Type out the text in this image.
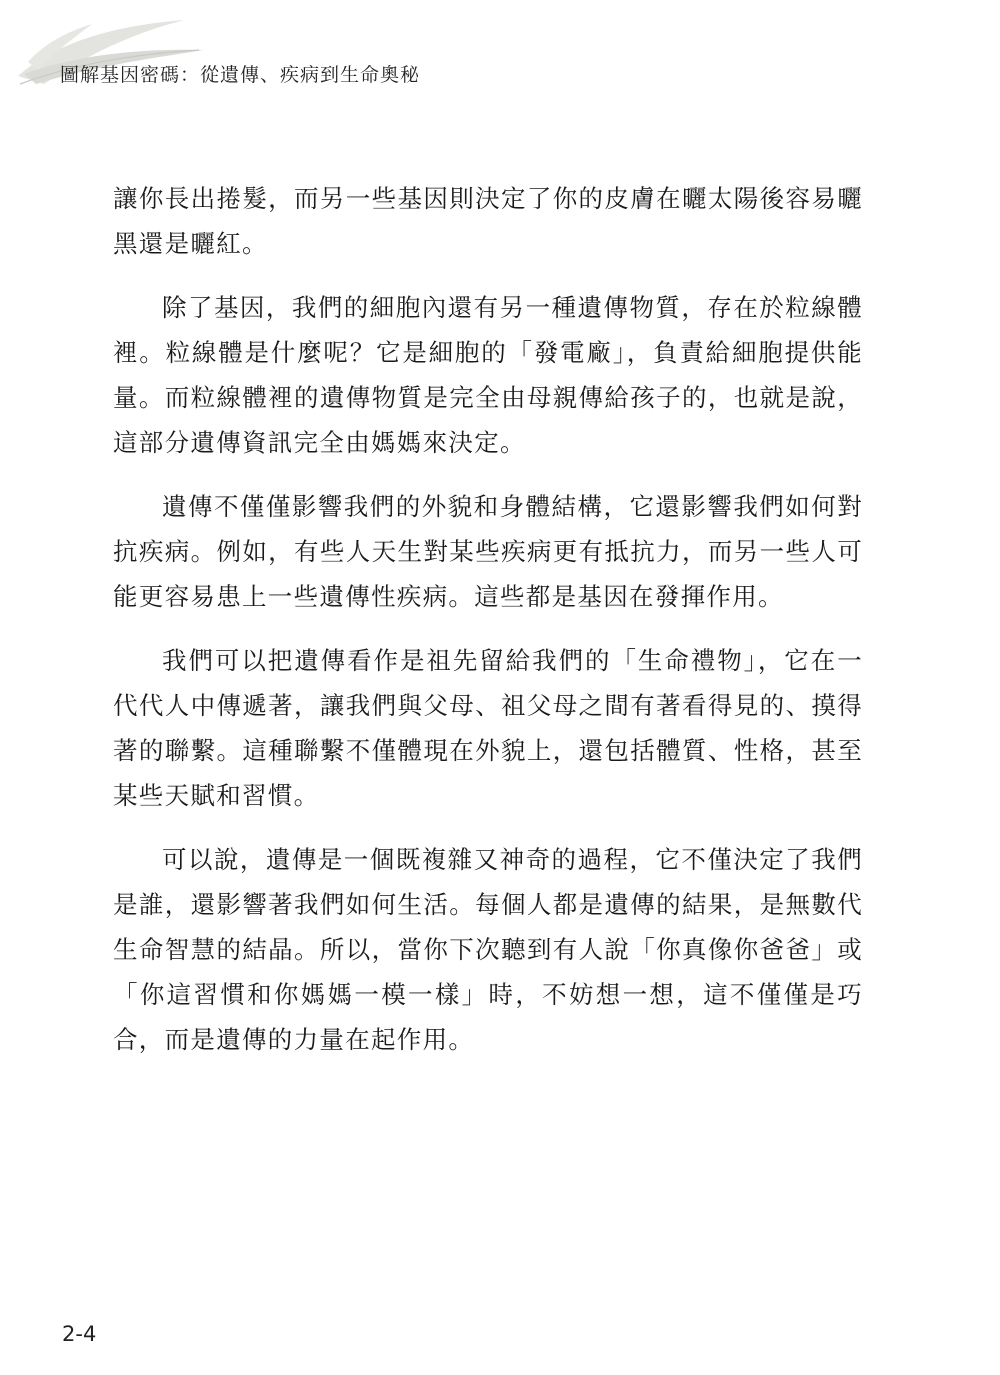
圖解基因密碼：從遺傳、疾病到生命奧秘

讓你長出捲髮，而另一些基因則決定了你的皮膚在曬太陽後容易曬黑還是曬紅。

除了基因，我們的細胞內還有另一種遺傳物質，存在於粒線體裡。粒線體是什麼呢？它是細胞的「發電廠」，負責給細胞提供能量。而粒線體裡的遺傳物質是完全由母親傳給孩子的，也就是說，這部分遺傳資訊完全由媽媽來決定。

遺傳不僅僅影響我們的外貌和身體結構，它還影響我們如何對抗疾病。例如，有些人天生對某些疾病更有抵抗力，而另一些人可能更容易患上一些遺傳性疾病。這些都是基因在發揮作用。

我們可以把遺傳看作是祖先留給我們的「生命禮物」，它在一代代人中傳遞著，讓我們與父母、祖父母之間有著看得見的、摸得著的聯繫。這種聯繫不僅體現在外貌上，還包括體質、性格，甚至某些天賦和習慣。

可以說，遺傳是一個既複雜又神奇的過程，它不僅決定了我們是誰，還影響著我們如何生活。每個人都是遺傳的結果，是無數代生命智慧的結晶。所以，當你下次聽到有人說「你真像你爸爸」或「你這習慣和你媽媽一模一樣」時，不妨想一想，這不僅僅是巧合，而是遺傳的力量在起作用。

2-4
